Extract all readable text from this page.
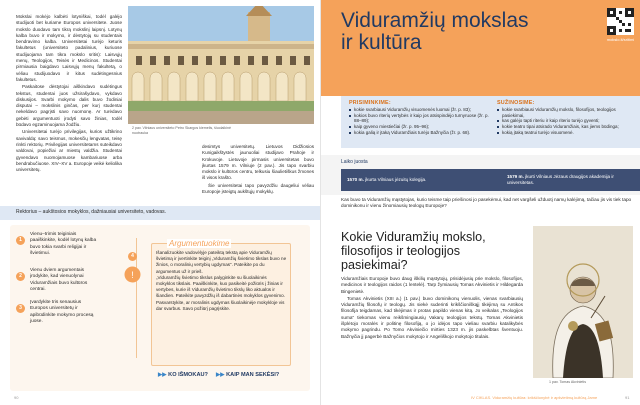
Mokslai mokėjo kalbėti lotyniškai, todėl galėjo studijuoti bet kuriame Europos universitete. Juose mokslo duodavo tam tikrą mokslinį laipsnį. Lotynų kalba buvo ir mokymo, ir dėstytojų su studentais bendravimo kalba. Universitetai turėjo keturis fakultetus (universiteto padalinius, kuriuose studijuojama tam tikra mokslo sritis): Laisvųjų menų, Teologijos, Teisės ir Medicinos. Studentai pirmiausia baigdavo Laisvųjų menų fakultetą, o vėliau studijuodavo ir kitus sudėtingesnius fakultetus.

Paskaitose dėstytojai aiškindavo sudėtingus tekstus, studentai juos užsirašydavo, vykdavo diskusijos. Svarbi mokymo dalis buvo žodiniai disputai – mokslinis ginčas, per kurį studentai nekeldavo pagrįsti savo nuomonę. Ar turėdavo gebėti argumentuoti įrodyti savo žinias, todėl būdavo egzaminuojama žodžiu.

Universitetai turėjo privilegijas, kurios užtikrino savivaldą: savo teismus, mokesčių lengvatas, teisę rinkti rektorių. Privilegijas universitetams suteikdavo valdovai, popiežiai ar miestų valdžia. Studentai gyvendavo nuomojamuose kambariuose arba bendrabučiuose. XIV–XV a. Europoje veikė keliolika universitetų.

2 pav. Vilniaus universiteto Petro Skargos kiemelis, šiuolaikinė nuotrauka

desimtys universitetų. Lietuvos Didžiosios Kunigaikštystės jaunuoliai studijavo Prahoje ir Krokuvoje. Lietuvoje pirmasis universitetas buvo įkurtas 1579 m. Vilniuje (2 pav.). Jis tapo svarbiu mokslo ir kultūros centru, telkusiu šiaulietiškus žmones iš visos krašto.

Šie universitetai tapo pavyzdžiu daugeliui vėliau Europoje įsteigtų aukštųjų mokyklų.

Rektorius – aukštosios mokyklos, dažniausiai universiteto, vadovas.
1
Vienu–trimis teiginiais paaiškinkite, kodėl lotynų kalba buvo tokia svarbi religijai ir švietimui.
2
Vienu dviem argumentais įrodykite, kad vienuolynai Viduramžiais buvo kultūros centrai.
3
Įvardykite tris senausius Europos universitetų ir apibūdinkite mokymo procesą juose.
Argumentuokime
4
!
Išanalizuokite vadovėlyje pateiktą tekstą apie Viduramžių švietimą ir įvertinkite teiginį „Viduramžių švietimo tikslas buvo ne žinios, o moralinių vertybių ugdymas“. Pateikite po du argumentus už ir prieš.
„Viduramžių švietimo tikslus palyginkite su šiuolaikinės mokyklos tikslais. Paaiškinkite, kuo pasikeitė požiūris į žinias ir vertybes, kurie iš Viduramžių švietimo tikslų liko aktualūs ir šiandien. Pateikite pavyzdžių iš dabartinės mokyklos gyvenimo. Pasvarstykite, ar moralinis ugdymas šiuolaikinėje mokykloje vis dar svarbus. Savo požiūrį pagrįskite.
▶▶ KO IŠMOKAU? ▶▶ KAIP MAN SEKĖSI?
90
Viduramžių mokslas
ir kultūra	mokslo.lt/sritimi
PRISIMINKIME:
kokie svarbiausi Viduramžių visuomenės luomai (žr. p. 83);
kokios buvo riterių vertybės ir kaip jos atsispindėjo turnyruose (žr. p. 88–89);
kaip gyveno miestiečiai (žr. p. 95–96);
kokia galią ir įtaką Viduramžiais turėjo Bažnyčia (žr. p. 68).
SUŽINOSIME:
kokie svarbiausi Viduramžių mokslo, filosofijos, teologijos pasiekimai,
kas galėjo tapti riteriu ir kaip riterio turėjo gyventi;
kokie teatro tipai atsirado Viduramžiais, kas jiems būdinga;
kokią įtaką teatrui turėjo visuomenė.
Laiko juosta
1570 m. įkurta Vilniaus jėzuitų kolegija.
1579 m. įkurti Vilniaus Jėzaus draugijos akademija ir universitetas.
Kas buvo ta Viduramžių mąstytojas, kurio teisme taip priešinosi jo pasekėmui, kad net vargšeli užduotį namų kalėjimą, tačiau jis vis tiek tapo dominikonu ir vienu žinomiausių teologų Europoje?
Kokie Viduramžių mokslo, filosofijos ir teologijos pasiekimai?

Viduramžiais Europoje buvo daug iškilių mąstytojų, prisidėjusių prie mokslo, filosofijos, medicinos ir teologijos raidos (1 lentelė). Tarp žymiausių Tomas Akvinietis ir Hildegarda Bingenietė.

Tomas Akvinietis (XIII a.) (1 pav.) buvo dominikonų vienuolis, vienas svarbiausių Viduramžių filosofų ir teologų. Jis siekė suderinti krikščioniškąjį tikėjimą su Antikos filosofija teigdamas, kad tikėjimas ir protas papildo vienas kitą. Jo veikalas „Teologijos suma“ tiekomas vienu reikšmingiausių Vakarų teologijos tekstų. Tomas Akvinietis išplėtojo moralės ir politinę filosofiją, o jo idėjos tapo vieliau svarbiu katalikybės mokymo pagrindu. Po Tomo Akviniečio mirties 1323 m. jis paskelbtas šventuoju. Bažnyčia jį pagerbė Bažnyčios mokytojo ir Angeliškojo mokytojo titulais.

1 pav. Tomas Akvinietis
IV CIKLAS. Viduramžių kultūra: krikščionybė ir apšvietimą kultūrą Jame	91
